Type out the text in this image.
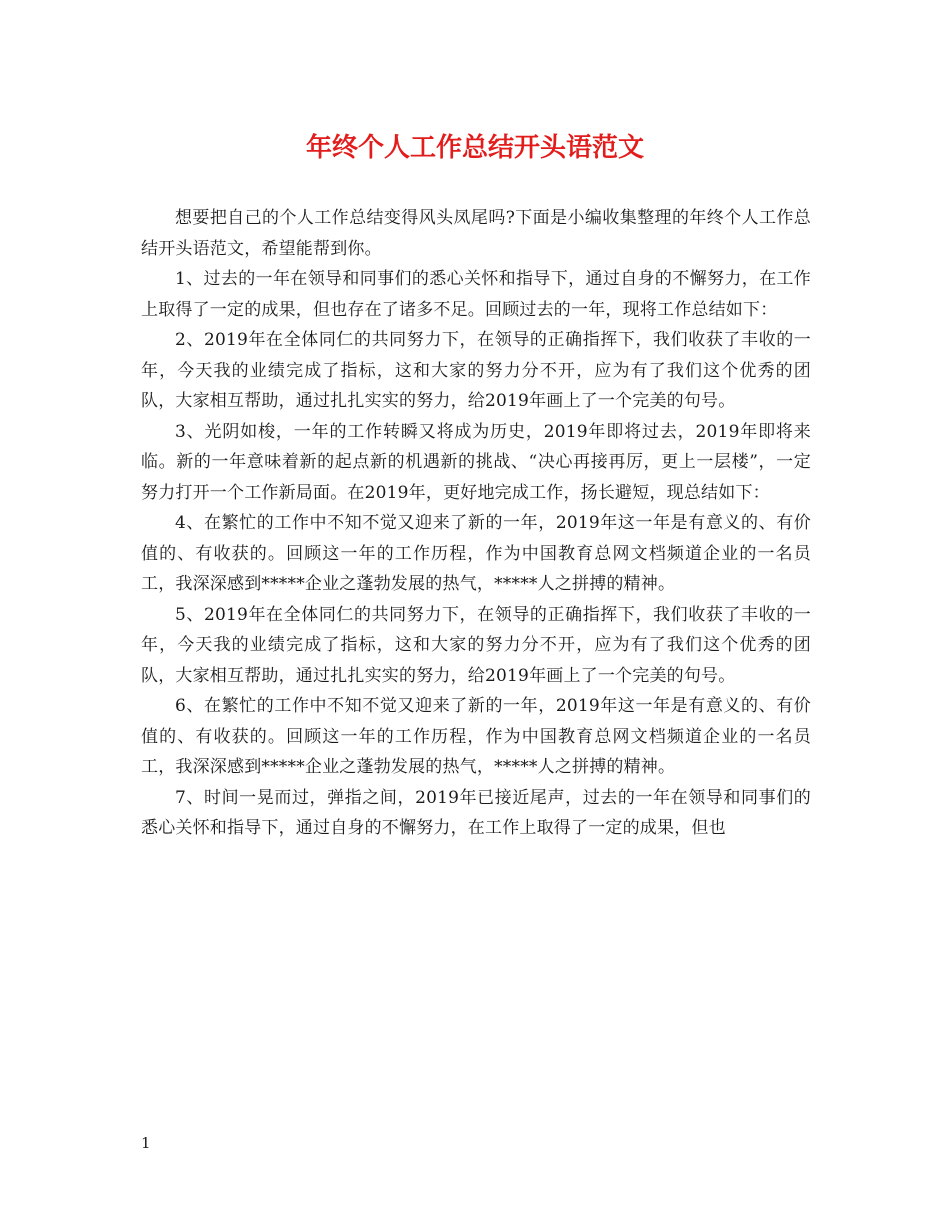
年终个人工作总结开头语范文

想要把自己的个人工作总结变得风头凤尾吗?下面是小编收集整理的年终个人工作总结开头语范文，希望能帮到你。

1、过去的一年在领导和同事们的悉心关怀和指导下，通过自身的不懈努力，在工作上取得了一定的成果，但也存在了诸多不足。回顾过去的一年，现将工作总结如下：

2、2019年在全体同仁的共同努力下，在领导的正确指挥下，我们收获了丰收的一年，今天我的业绩完成了指标，这和大家的努力分不开，应为有了我们这个优秀的团队，大家相互帮助，通过扎扎实实的努力，给2019年画上了一个完美的句号。

3、光阴如梭，一年的工作转瞬又将成为历史，2019年即将过去，2019年即将来临。新的一年意味着新的起点新的机遇新的挑战、“决心再接再厉，更上一层楼”，一定努力打开一个工作新局面。在2019年，更好地完成工作，扬长避短，现总结如下：

4、在繁忙的工作中不知不觉又迎来了新的一年，2019年这一年是有意义的、有价值的、有收获的。回顾这一年的工作历程，作为中国教育总网文档频道企业的一名员工，我深深感到*****企业之蓬勃发展的热气，*****人之拼搏的精神。

5、2019年在全体同仁的共同努力下，在领导的正确指挥下，我们收获了丰收的一年，今天我的业绩完成了指标，这和大家的努力分不开，应为有了我们这个优秀的团队，大家相互帮助，通过扎扎实实的努力，给2019年画上了一个完美的句号。

6、在繁忙的工作中不知不觉又迎来了新的一年，2019年这一年是有意义的、有价值的、有收获的。回顾这一年的工作历程，作为中国教育总网文档频道企业的一名员工，我深深感到*****企业之蓬勃发展的热气，*****人之拼搏的精神。

7、时间一晃而过，弹指之间，2019年已接近尾声，过去的一年在领导和同事们的悉心关怀和指导下，通过自身的不懈努力，在工作上取得了一定的成果，但也

1
